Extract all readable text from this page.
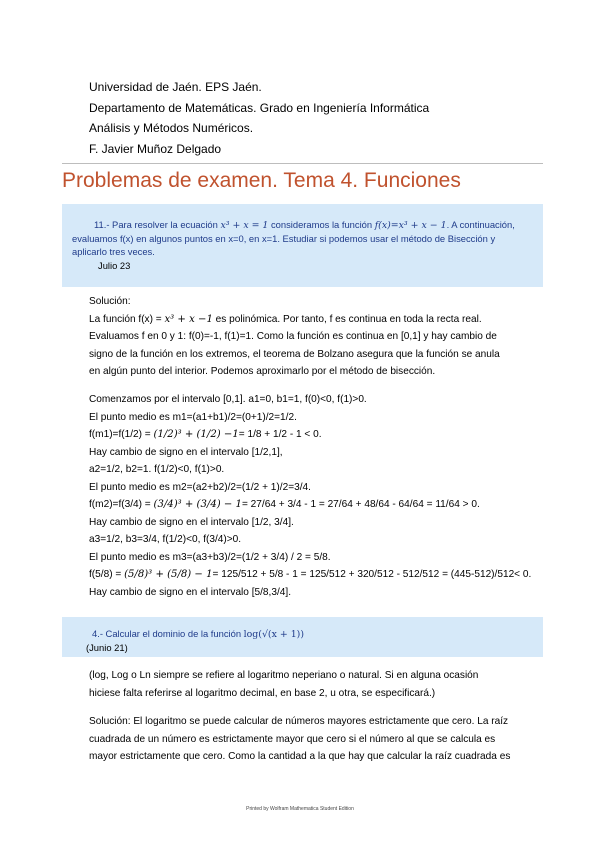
Universidad de Jaén. EPS Jaén.
Departamento de Matemáticas. Grado en Ingeniería Informática
Análisis y Métodos Numéricos.
F. Javier Muñoz Delgado
Problemas de examen. Tema 4. Funciones
11.- Para resolver la ecuación x³ + x = 1 consideramos la función f(x)=x³ + x − 1. A continuación,
evaluamos f(x) en algunos puntos en x=0, en x=1. Estudiar si podemos usar el método de Bisección y
aplicarlo tres veces.
Julio 23
Solución:
La función f(x) = x³ + x −1 es polinómica. Por tanto, f es continua en toda la recta real.
Evaluamos f en 0 y 1: f(0)=-1, f(1)=1. Como la función es continua en [0,1] y hay cambio de
signo de la función en los extremos, el teorema de Bolzano asegura que la función se anula
en algún punto del interior. Podemos aproximarlo por el método de bisección.
Comenzamos por el intervalo [0,1]. a1=0, b1=1, f(0)<0, f(1)>0.
El punto medio es m1=(a1+b1)/2=(0+1)/2=1/2.
f(m1)=f(1/2) = (1/2)³ + (1/2) −1= 1/8 + 1/2 - 1 < 0.
Hay cambio de signo en el intervalo [1/2,1],
a2=1/2, b2=1. f(1/2)<0, f(1)>0.
El punto medio es m2=(a2+b2)/2=(1/2 + 1)/2=3/4.
f(m2)=f(3/4) = (3/4)³ + (3/4) − 1= 27/64 + 3/4 - 1 = 27/64 + 48/64 - 64/64 = 11/64 > 0.
Hay cambio de signo en el intervalo [1/2, 3/4].
a3=1/2, b3=3/4, f(1/2)<0, f(3/4)>0.
El punto medio es m3=(a3+b3)/2=(1/2 + 3/4) / 2 = 5/8.
f(5/8) = (5/8)³ + (5/8) − 1= 125/512 + 5/8 - 1 = 125/512 + 320/512 - 512/512 = (445-512)/512< 0.
Hay cambio de signo en el intervalo [5/8,3/4].
4.- Calcular el dominio de la función log(√(x + 1))
(Junio 21)
(log, Log o Ln siempre se refiere al logaritmo neperiano o natural. Si en alguna ocasión
hiciese falta referirse al logaritmo decimal, en base 2, u otra, se especificará.)
Solución: El logaritmo se puede calcular de números mayores estrictamente que cero. La raíz
cuadrada de un número es estrictamente mayor que cero si el número al que se calcula es
mayor estrictamente que cero. Como la cantidad a la que hay que calcular la raíz cuadrada es
Printed by Wolfram Mathematica Student Edition
